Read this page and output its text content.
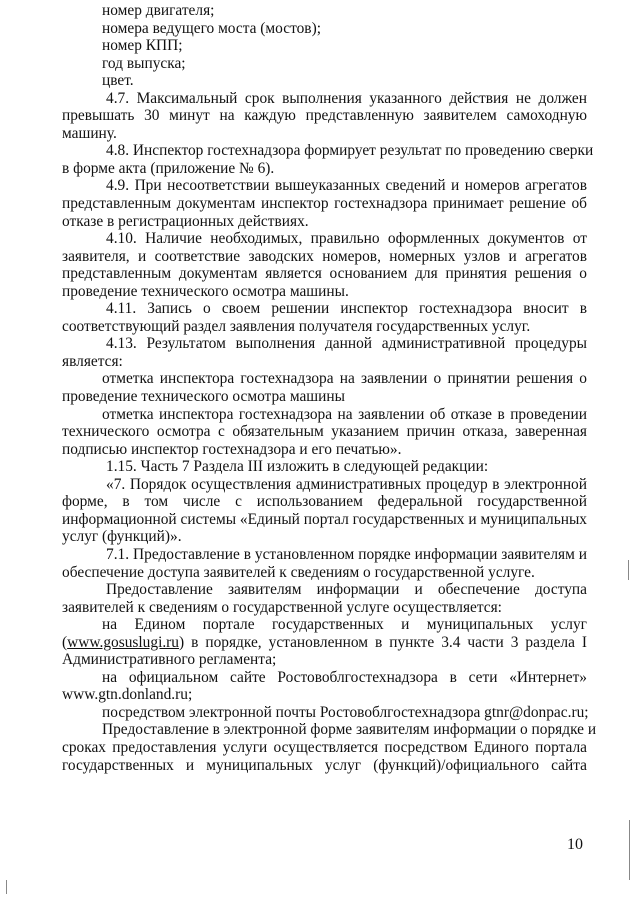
номер двигателя;

номера ведущего моста (мостов);

номер КПП;

год выпуска;

цвет.

4.7. Максимальный срок выполнения указанного действия не должен

превышать 30 минут на каждую представленную заявителем самоходную

машину.

4.8. Инспектор гостехнадзора формирует результат по проведению сверки

в форме акта (приложение № 6).

4.9. При несоответствии вышеуказанных сведений и номеров агрегатов

представленным документам инспектор гостехнадзора принимает решение об

отказе в регистрационных действиях.

4.10. Наличие необходимых, правильно оформленных документов от

заявителя, и соответствие заводских номеров, номерных узлов и агрегатов

представленным документам является основанием для принятия решения о

проведение технического осмотра машины.

4.11. Запись о своем решении инспектор гостехнадзора вносит в

соответствующий раздел заявления получателя государственных услуг.

4.13. Результатом выполнения данной административной процедуры

является:

отметка инспектора гостехнадзора на заявлении о принятии решения о

проведение технического осмотра машины

отметка инспектора гостехнадзора на заявлении об отказе в проведении

технического осмотра с обязательным указанием причин отказа, заверенная

подписью инспектор гостехнадзора и его печатью».

1.15. Часть 7 Раздела III изложить в следующей редакции:

«7. Порядок осуществления административных процедур в электронной

форме, в том числе с использованием федеральной государственной

информационной системы «Единый портал государственных и муниципальных

услуг (функций)».

7.1. Предоставление в установленном порядке информации заявителям и

обеспечение доступа заявителей к сведениям о государственной услуге.

Предоставление заявителям информации и обеспечение доступа

заявителей к сведениям о государственной услуге осуществляется:

на Едином портале государственных и муниципальных услуг

(www.gosuslugi.ru) в порядке, установленном в пункте 3.4 части 3 раздела I

Административного регламента;

на официальном сайте Ростовоблгостехнадзора в сети «Интернет»

www.gtn.donland.ru;

посредством электронной почты Ростовоблгостехнадзора gtnr@donpac.ru;

Предоставление в электронной форме заявителям информации о порядке и

сроках предоставления услуги осуществляется посредством Единого портала

государственных и муниципальных услуг (функций)/официального сайта

10
